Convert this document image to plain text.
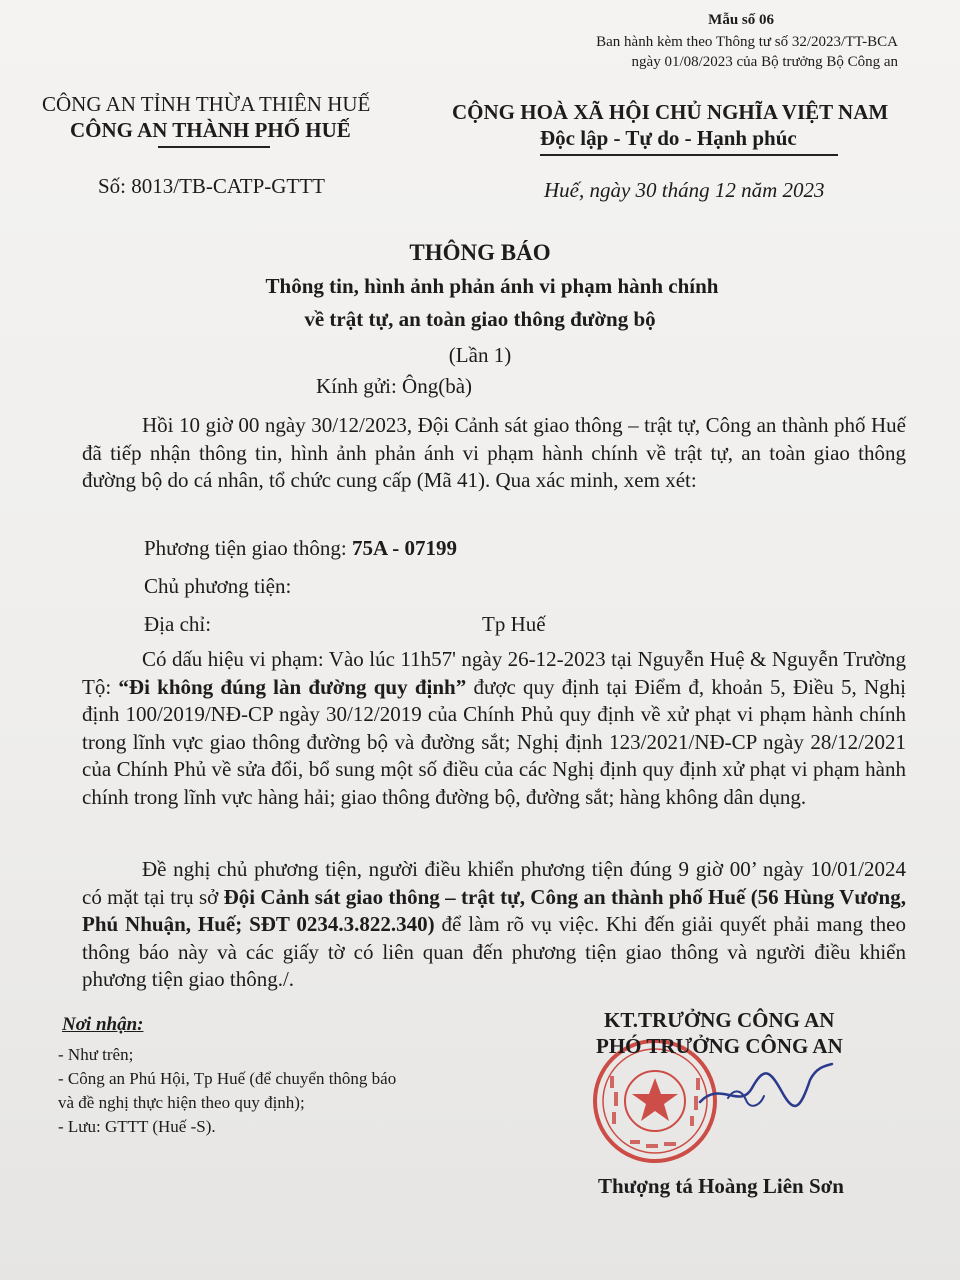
Mẫu số 06
Ban hành kèm theo Thông tư số 32/2023/TT-BCA
ngày 01/08/2023 của Bộ trưởng Bộ Công an
CÔNG AN TỈNH THỪA THIÊN HUẾ
CÔNG AN THÀNH PHỐ HUẾ
CỘNG HOÀ XÃ HỘI CHỦ NGHĨA VIỆT NAM
Độc lập - Tự do - Hạnh phúc
Số: 8013/TB-CATP-GTTT	Huế, ngày 30 tháng 12 năm 2023
THÔNG BÁO
Thông tin, hình ảnh phản ánh vi phạm hành chính
về trật tự, an toàn giao thông đường bộ
(Lần 1)
Kính gửi: Ông(bà)
Hồi 10 giờ 00 ngày 30/12/2023, Đội Cảnh sát giao thông – trật tự, Công an thành phố Huế đã tiếp nhận thông tin, hình ảnh phản ánh vi phạm hành chính về trật tự, an toàn giao thông đường bộ do cá nhân, tổ chức cung cấp (Mã 41). Qua xác minh, xem xét:
Phương tiện giao thông: 75A - 07199
Chủ phương tiện:
Địa chỉ:	Tp Huế
Có dấu hiệu vi phạm: Vào lúc 11h57' ngày 26-12-2023 tại Nguyễn Huệ & Nguyễn Trường Tộ: “Đi không đúng làn đường quy định” được quy định tại Điểm đ, khoản 5, Điều 5, Nghị định 100/2019/NĐ-CP ngày 30/12/2019 của Chính Phủ quy định về xử phạt vi phạm hành chính trong lĩnh vực giao thông đường bộ và đường sắt; Nghị định 123/2021/NĐ-CP ngày 28/12/2021 của Chính Phủ về sửa đổi, bổ sung một số điều của các Nghị định quy định xử phạt vi phạm hành chính trong lĩnh vực hàng hải; giao thông đường bộ, đường sắt; hàng không dân dụng.
Đề nghị chủ phương tiện, người điều khiển phương tiện đúng 9 giờ 00’ ngày 10/01/2024 có mặt tại trụ sở Đội Cảnh sát giao thông – trật tự, Công an thành phố Huế (56 Hùng Vương, Phú Nhuận, Huế; SĐT 0234.3.822.340) để làm rõ vụ việc. Khi đến giải quyết phải mang theo thông báo này và các giấy tờ có liên quan đến phương tiện giao thông và người điều khiển phương tiện giao thông./.
Nơi nhận:
- Như trên;
- Công an Phú Hội, Tp Huế (để chuyển thông báo
và đề nghị thực hiện theo quy định);
- Lưu: GTTT (Huế -S).
KT.TRƯỞNG CÔNG AN
PHÓ TRƯỞNG CÔNG AN
Thượng tá Hoàng Liên Sơn
